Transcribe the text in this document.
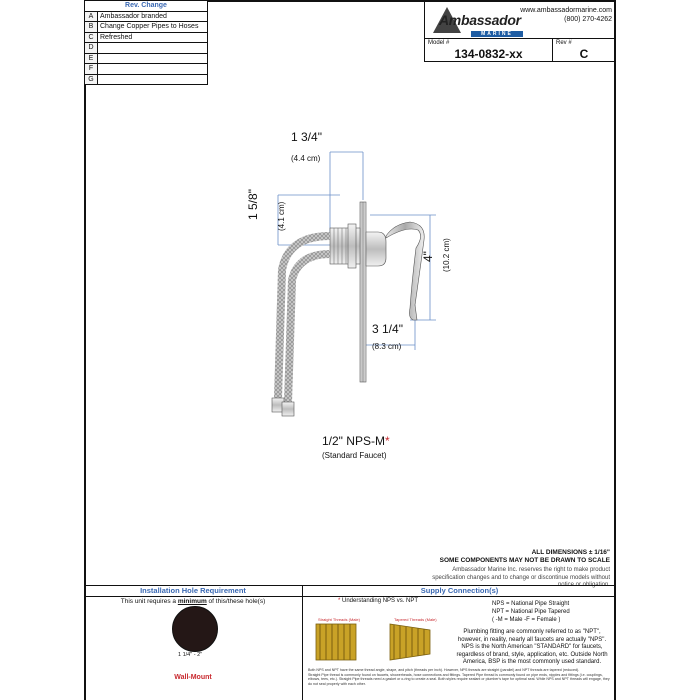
Rev. Change	
A	Ambassador branded
B	Change Copper Pipes to Hoses
C	Refreshed
D	
E	
F	
G	
Ambassador
MARINE
www.ambassadormarine.com
(800) 270-4262
Model #
134-0832-xx
Rev #
C
1 3/4"
(4.4 cm)
1 5/8" (4.1 cm)
4" (10.2 cm)
3 1/4"
(8.3 cm)
1/2" NPS-M*
(Standard Faucet)
ALL DIMENSIONS ± 1/16"
SOME COMPONENTS MAY NOT BE DRAWN TO SCALE
Ambassador Marine Inc. reserves the right to make product specification changes and to change or discontinue models without notice or obligation.
Installation Hole Requirement	Supply Connection(s)
This unit requires a minimum of this/these hole(s)
1 1/4" - 2"
Wall-Mount
* Understanding NPS vs. NPT
Straight Threads (Male)	Tapered Threads (Male)
NPS = National Pipe Straight
NPT = National Pipe Tapered
( -M = Male -F = Female )
Plumbing fitting are commonly referred to as "NPT", however, in reality, nearly all faucets are actually "NPS". NPS is the North American "STANDARD" for faucets, regardless of brand, style, application, etc. Outside North America, BSP is the most commonly used standard.
Both NPS and NPT have the same thread angle, shape, and pitch (threads per inch). However, NPS threads are straight (parallel) and NPT threads are tapered (reduced).
Straight Pipe thread is commonly found on faucets, showerheads, hose connections and fittings. Tapered Pipe thread is commonly found on pipe ends, nipples and fittings (i.e. couplings, elbows, tees, etc.). Straight Pipe threads need a gasket or o-ring to create a seal. Both styles require sealant or plumber's tape for optimal seal. While NPS and NPT threads will engage, they do not seal properly with each other.
